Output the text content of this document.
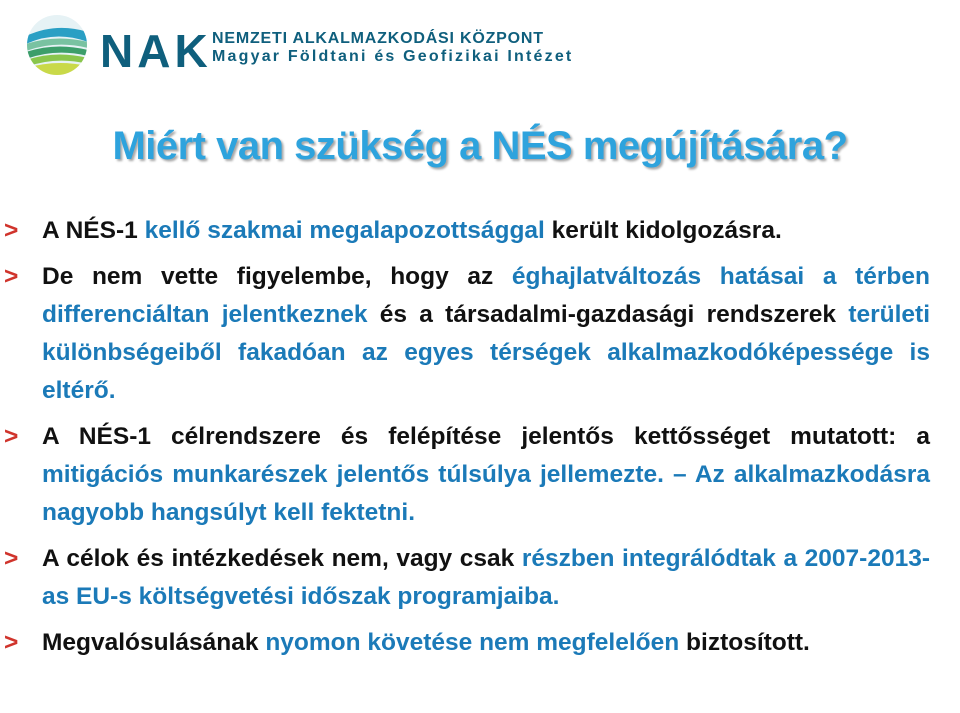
NAK NEMZETI ALKALMAZKODÁSI KÖZPONT
Magyar Földtani és Geofizikai Intézet
Miért van szükség a NÉS megújítására?
> A NÉS-1 kellő szakmai megalapozottsággal került kidolgozásra.
> De nem vette figyelembe, hogy az éghajlatváltozás hatásai a térben differenciáltan jelentkeznek és a társadalmi-gazdasági rendszerek területi különbségeiből fakadóan az egyes térségek alkalmazkodóképessége is eltérő.
> A NÉS-1 célrendszere és felépítése jelentős kettősséget mutatott: a mitigációs munkarészek jelentős túlsúlya jellemezte. – Az alkalmazkodásra nagyobb hangsúlyt kell fektetni.
> A célok és intézkedések nem, vagy csak részben integrálódtak a 2007-2013-as EU-s költségvetési időszak programjaiba.
> Megvalósulásának nyomon követése nem megfelelően biztosított.
